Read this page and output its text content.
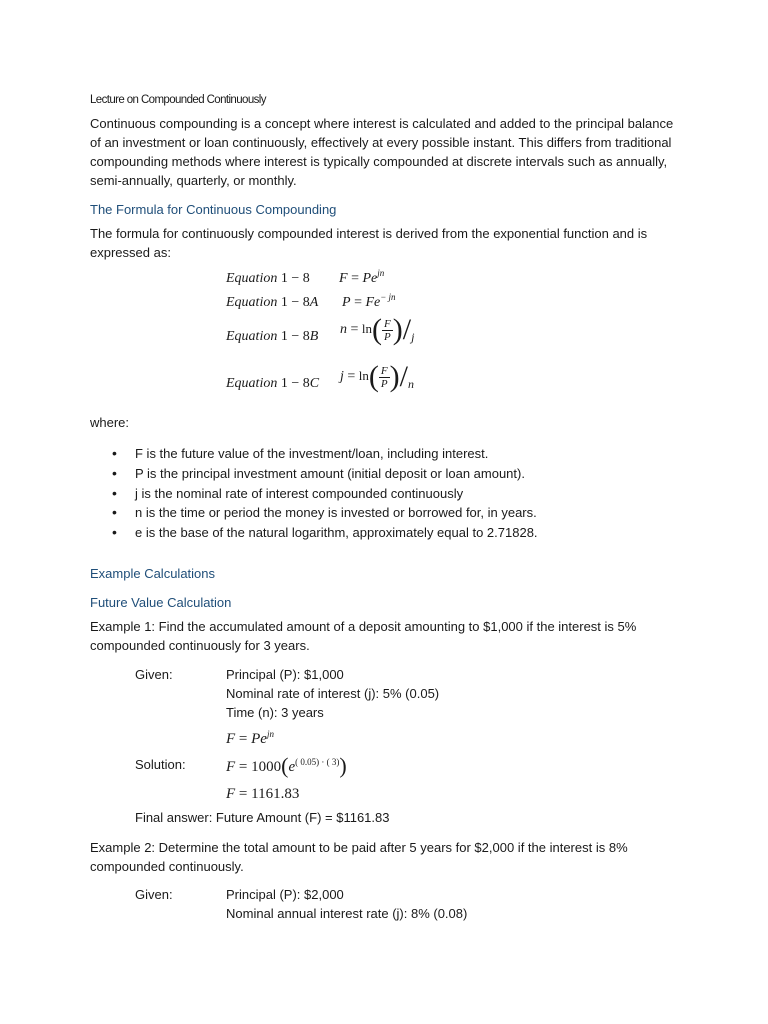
Lecture on Compounded Continuously
Continuous compounding is a concept where interest is calculated and added to the principal balance of an investment or loan continuously, effectively at every possible instant. This differs from traditional compounding methods where interest is typically compounded at discrete intervals such as annually, semi-annually, quarterly, or monthly.
The Formula for Continuous Compounding
The formula for continuously compounded interest is derived from the exponential function and is expressed as:
Equation 1 − 8 $F = Pe^{jn}$
Equation 1 − 8A $P = Fe^{- jn}$
Equation 1 − 8B $n = \ln( \frac{F}{P} )/j$
Equation 1 − 8C $j = \ln( \frac{F}{P} )/n$
where:
• F is the future value of the investment/loan, including interest.
• P is the principal investment amount (initial deposit or loan amount).
• j is the nominal rate of interest compounded continuously
• n is the time or period the money is invested or borrowed for, in years.
• e is the base of the natural logarithm, approximately equal to 2.71828.
Example Calculations
Future Value Calculation
Example 1: Find the accumulated amount of a deposit amounting to $1,000 if the interest is 5% compounded continuously for 3 years.
Given:	Principal (P): $1,000
Nominal rate of interest (j): 5% (0.05)
Time (n): 3 years
$F = Pe^{jn}$
Solution:	$F = 1000(e^{( 0.05) \cdot ( 3)})$
F = 1161.83
Final answer: Future Amount (F) = $1161.83
Example 2: Determine the total amount to be paid after 5 years for $2,000 if the interest is 8% compounded continuously.
Given:	Principal (P): $2,000
Nominal annual interest rate (j): 8% (0.08)
